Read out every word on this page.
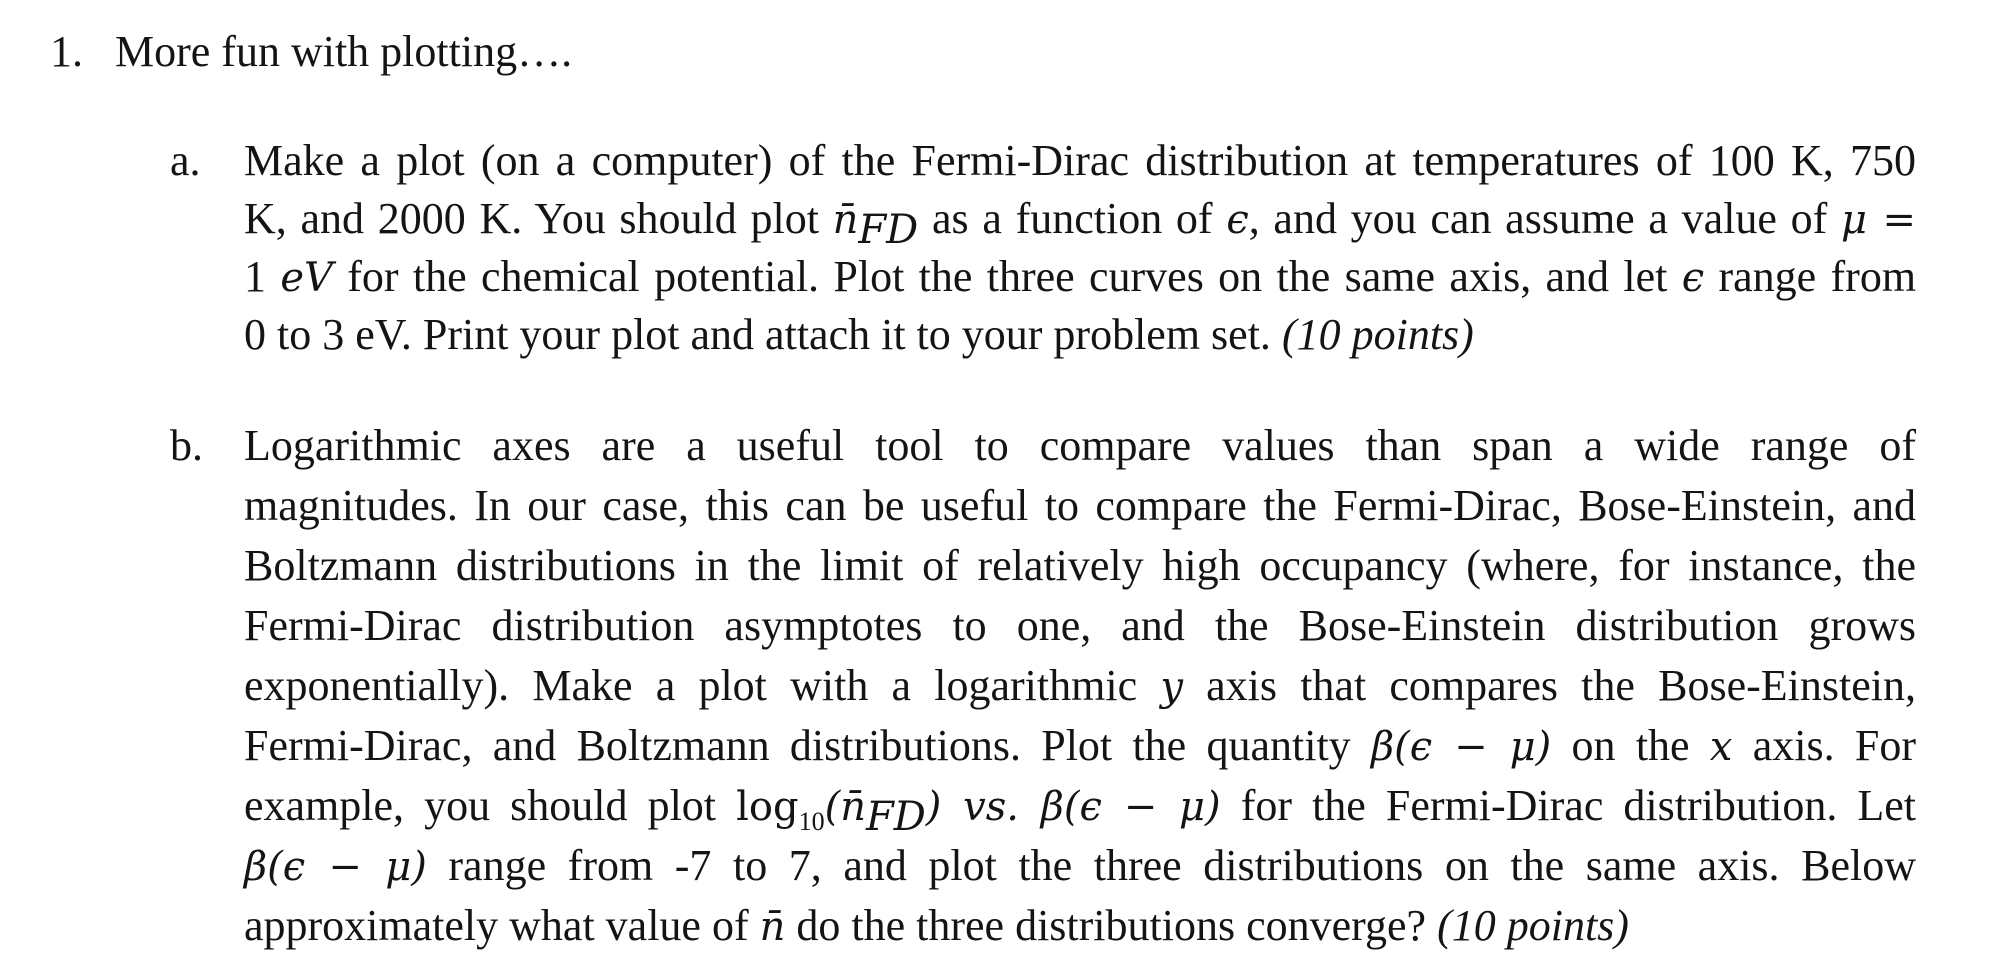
1. More fun with plotting….
a. Make a plot (on a computer) of the Fermi-Dirac distribution at temperatures of 100 K, 750
K, and 2000 K. You should plot $n̄_{FD}$ as a function of ϵ, and you can assume a value of μ =
1 eV for the chemical potential. Plot the three curves on the same axis, and let ϵ range from
0 to 3 eV. Print your plot and attach it to your problem set. (10 points)
b. Logarithmic axes are a useful tool to compare values than span a wide range of
magnitudes. In our case, this can be useful to compare the Fermi-Dirac, Bose-Einstein, and
Boltzmann distributions in the limit of relatively high occupancy (where, for instance, the
Fermi-Dirac distribution asymptotes to one, and the Bose-Einstein distribution grows
exponentially). Make a plot with a logarithmic y axis that compares the Bose-Einstein,
Fermi-Dirac, and Boltzmann distributions. Plot the quantity β(ϵ − μ) on the x axis. For
example, you should plot $\log_{10}(n̄_{FD})$ vs. β(ϵ − μ) for the Fermi-Dirac distribution. Let
β(ϵ − μ) range from -7 to 7, and plot the three distributions on the same axis. Below
approximately what value of n̄ do the three distributions converge? (10 points)
